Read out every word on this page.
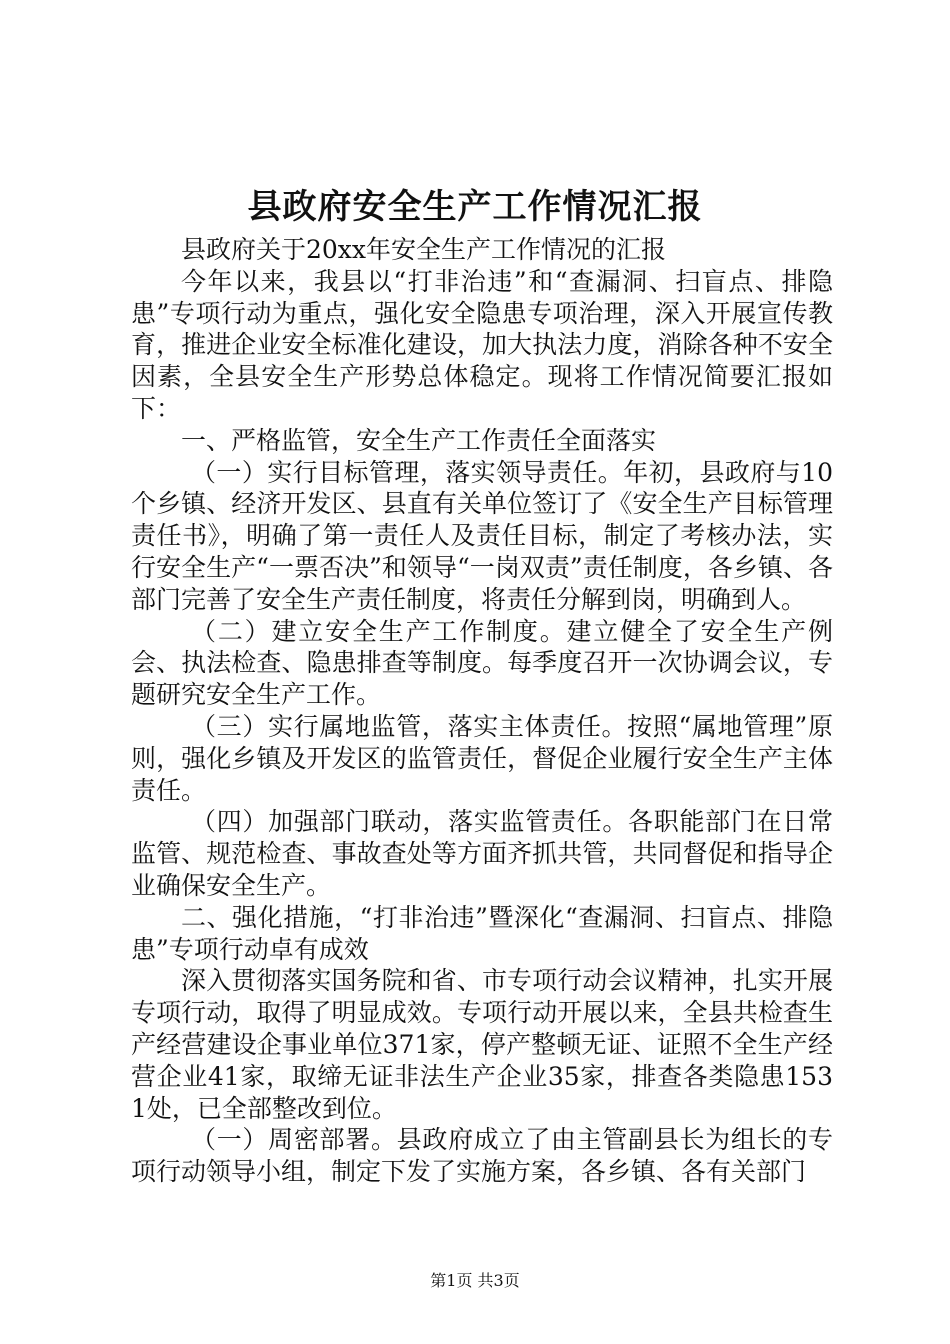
县政府安全生产工作情况汇报

县政府关于20xx年安全生产工作情况的汇报

今年以来，我县以“打非治违”和“查漏洞、扫盲点、排隐患”专项行动为重点，强化安全隐患专项治理，深入开展宣传教育，推进企业安全标准化建设，加大执法力度，消除各种不安全因素，全县安全生产形势总体稳定。现将工作情况简要汇报如下：

一、严格监管，安全生产工作责任全面落实

（一）实行目标管理，落实领导责任。年初，县政府与10个乡镇、经济开发区、县直有关单位签订了《安全生产目标管理责任书》，明确了第一责任人及责任目标，制定了考核办法，实行安全生产“一票否决”和领导“一岗双责”责任制度，各乡镇、各部门完善了安全生产责任制度，将责任分解到岗，明确到人。

（二）建立安全生产工作制度。建立健全了安全生产例会、执法检查、隐患排查等制度。每季度召开一次协调会议，专题研究安全生产工作。

（三）实行属地监管，落实主体责任。按照“属地管理”原则，强化乡镇及开发区的监管责任，督促企业履行安全生产主体责任。

（四）加强部门联动，落实监管责任。各职能部门在日常监管、规范检查、事故查处等方面齐抓共管，共同督促和指导企业确保安全生产。

二、强化措施，“打非治违”暨深化“查漏洞、扫盲点、排隐患”专项行动卓有成效

深入贯彻落实国务院和省、市专项行动会议精神，扎实开展专项行动，取得了明显成效。专项行动开展以来，全县共检查生产经营建设企事业单位371家，停产整顿无证、证照不全生产经营企业41家，取缔无证非法生产企业35家，排查各类隐患1531处，已全部整改到位。

（一）周密部署。县政府成立了由主管副县长为组长的专项行动领导小组，制定下发了实施方案，各乡镇、各有关部门

第1页 共3页
